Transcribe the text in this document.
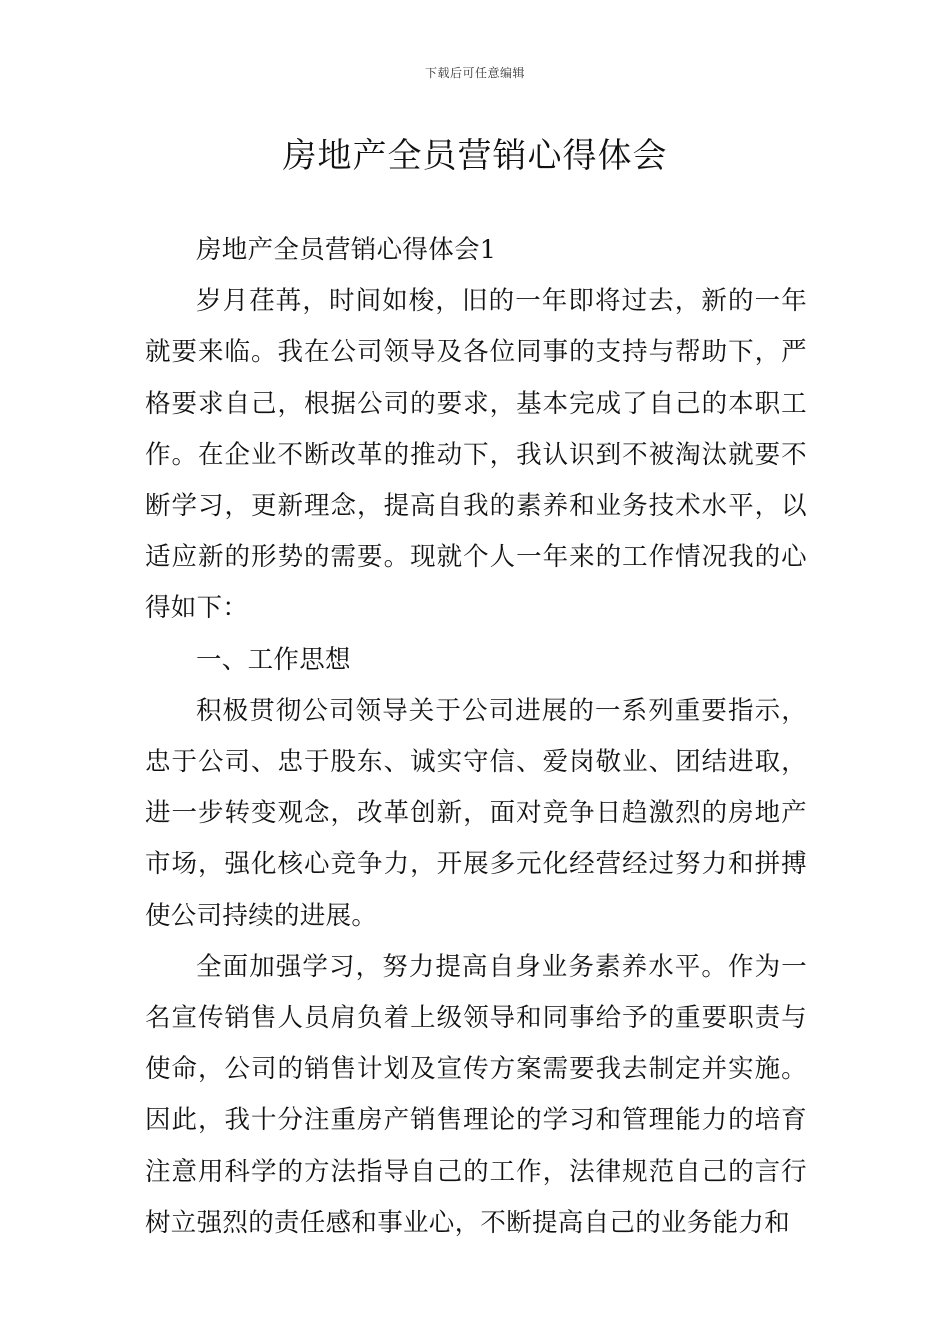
下载后可任意编辑
房地产全员营销心得体会

房地产全员营销心得体会1

岁月荏苒，时间如梭，旧的一年即将过去，新的一年就要来临。我在公司领导及各位同事的支持与帮助下，严格要求自己，根据公司的要求，基本完成了自己的本职工作。在企业不断改革的推动下，我认识到不被淘汰就要不断学习，更新理念，提高自我的素养和业务技术水平，以适应新的形势的需要。现就个人一年来的工作情况我的心得如下：

一、工作思想

积极贯彻公司领导关于公司进展的一系列重要指示，忠于公司、忠于股东、诚实守信、爱岗敬业、团结进取，进一步转变观念，改革创新，面对竞争日趋激烈的房地产市场，强化核心竞争力，开展多元化经营经过努力和拼搏使公司持续的进展。

全面加强学习，努力提高自身业务素养水平。作为一名宣传销售人员肩负着上级领导和同事给予的重要职责与使命，公司的销售计划及宣传方案需要我去制定并实施。因此，我十分注重房产销售理论的学习和管理能力的培育注意用科学的方法指导自己的工作，法律规范自己的言行树立强烈的责任感和事业心，不断提高自己的业务能力和
